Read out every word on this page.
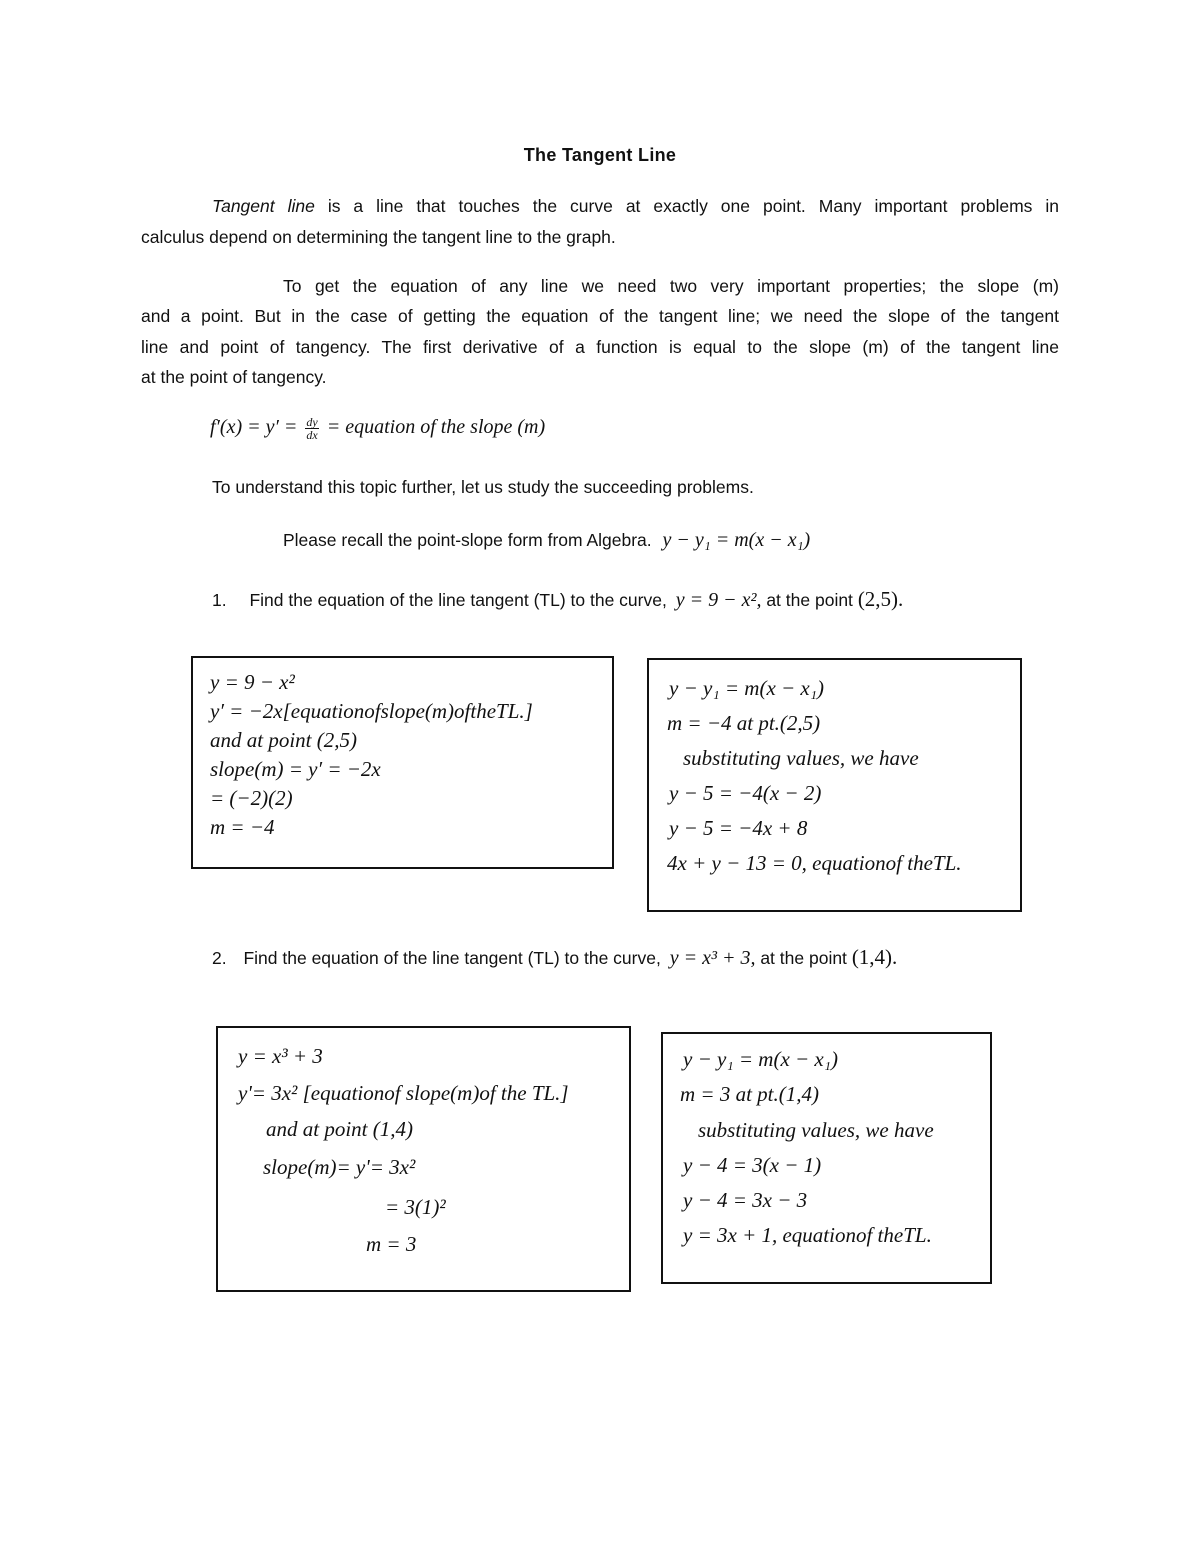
The Tangent Line
Tangent line is a line that touches the curve at exactly one point. Many important problems in
calculus depend on determining the tangent line to the graph.
To get the equation of any line we need two very important properties; the slope (m)
and a point. But in the case of getting the equation of the tangent line; we need the slope of the tangent
line and point of tangency. The first derivative of a function is equal to the slope (m) of the tangent line
at the point of tangency.
$f'(x) = y' = \frac{dy}{dx}$ = equation of the slope (m)
To understand this topic further, let us study the succeeding problems.
Please recall the point-slope form from Algebra. y − y₁ = m(x − x₁)
1. Find the equation of the line tangent (TL) to the curve, y = 9 − x², at the point (2,5).
y = 9 − x²
y′ = −2x[equationofslope(m)oftheTL.]
and at point (2,5)
slope(m) = y′ = −2x
= (−2)(2)
m = −4
y − y₁ = m(x − x₁)
m = −4 at pt.(2,5)
substituting values, we have
y − 5 = −4(x − 2)
y − 5 = −4x + 8
4x + y − 13 = 0, equationof theTL.
2. Find the equation of the line tangent (TL) to the curve, y = x³ + 3, at the point (1,4).
y = x³ + 3
y'= 3x² [equationof slope(m)of the TL.]
and at point (1,4)
slope(m)= y'= 3x²
= 3(1)²
m = 3
y − y₁ = m(x − x₁)
m = 3 at pt.(1,4)
substituting values, we have
y − 4 = 3(x − 1)
y − 4 = 3x − 3
y = 3x + 1, equationof theTL.
